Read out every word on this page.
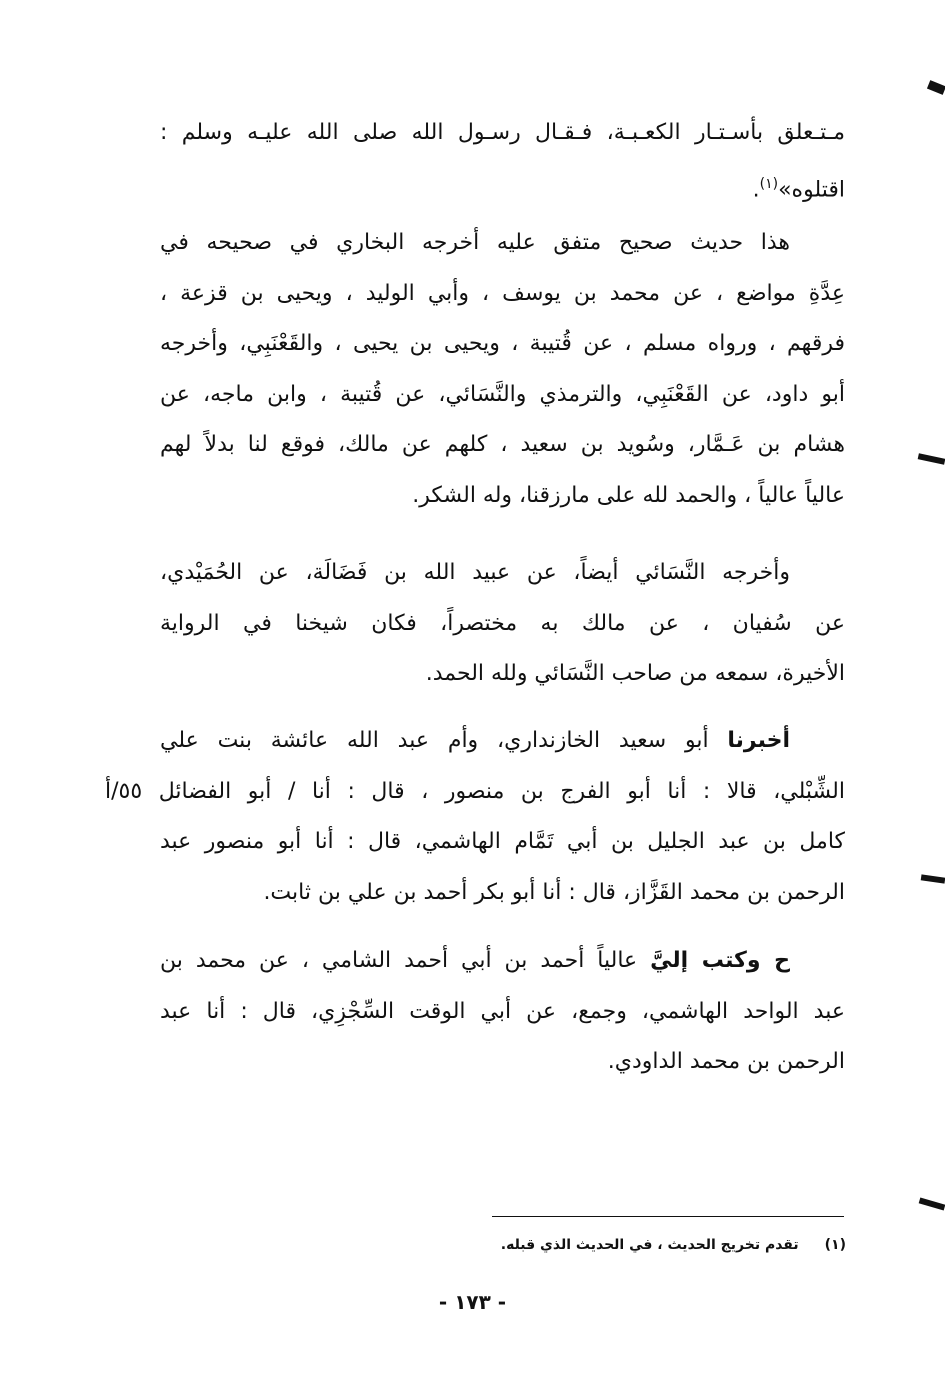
مـتـعلق بأسـتـار الكعـبـة، فـقـال رسـول الله صلى الله عليـه وسلم :
اقتلوه»$^{(١)}$.
هذا حديث صحيح متفق عليه أخرجه البخاري في صحيحه في
عِدَّةِ مواضع ، عن محمد بن يوسف ، وأبي الوليد ، ويحيى بن قزعة ،
فرقهم ، ورواه مسلم ، عن قُتيبة ، ويحيى بن يحيى ، والقَعْنَبِي، وأخرجه
أبو داود، عن القَعْنَبِي، والترمذي والنَّسَائي، عن قُتيبة ، وابن ماجه، عن
هشام بن عَـمَّار، وسُويد بن سعيد ، كلهم عن مالك، فوقع لنا بدلاً لهم
عالياً عالياً ، والحمد لله على مارزقنا، وله الشكر.
وأخرجه النَّسَائي أيضاً، عن عبيد الله بن فَضَالَة، عن الحُمَيْدي،
عن سُفيان ، عن مالك به مختصراً، فكان شيخنا في الرواية
الأخيرة، سمعه من صاحب النَّسَائي ولله الحمد.
أخبرنا أبو سعيد الخازنداري، وأم عبد الله عائشة بنت علي
الشِّبْلي، قالا : أنا أبو الفرج بن منصور ، قال : أنا / أبو الفضائل ٥٥/أ
كامل بن عبد الجليل بن أبي تَمَّام الهاشمي، قال : أنا أبو منصور عبد
الرحمن بن محمد القَزَّاز، قال : أنا أبو بكر أحمد بن علي بن ثابت.
ح وكتب إليَّ عالياً أحمد بن أبي أحمد الشامي ، عن محمد بن
عبد الواحد الهاشمي، وجمع، عن أبي الوقت السِّجْزِي، قال : أنا عبد
الرحمن بن محمد الداودي.
(١)تقدم تخريج الحديث ، في الحديث الذي قبله.
- ١٧٣ -
